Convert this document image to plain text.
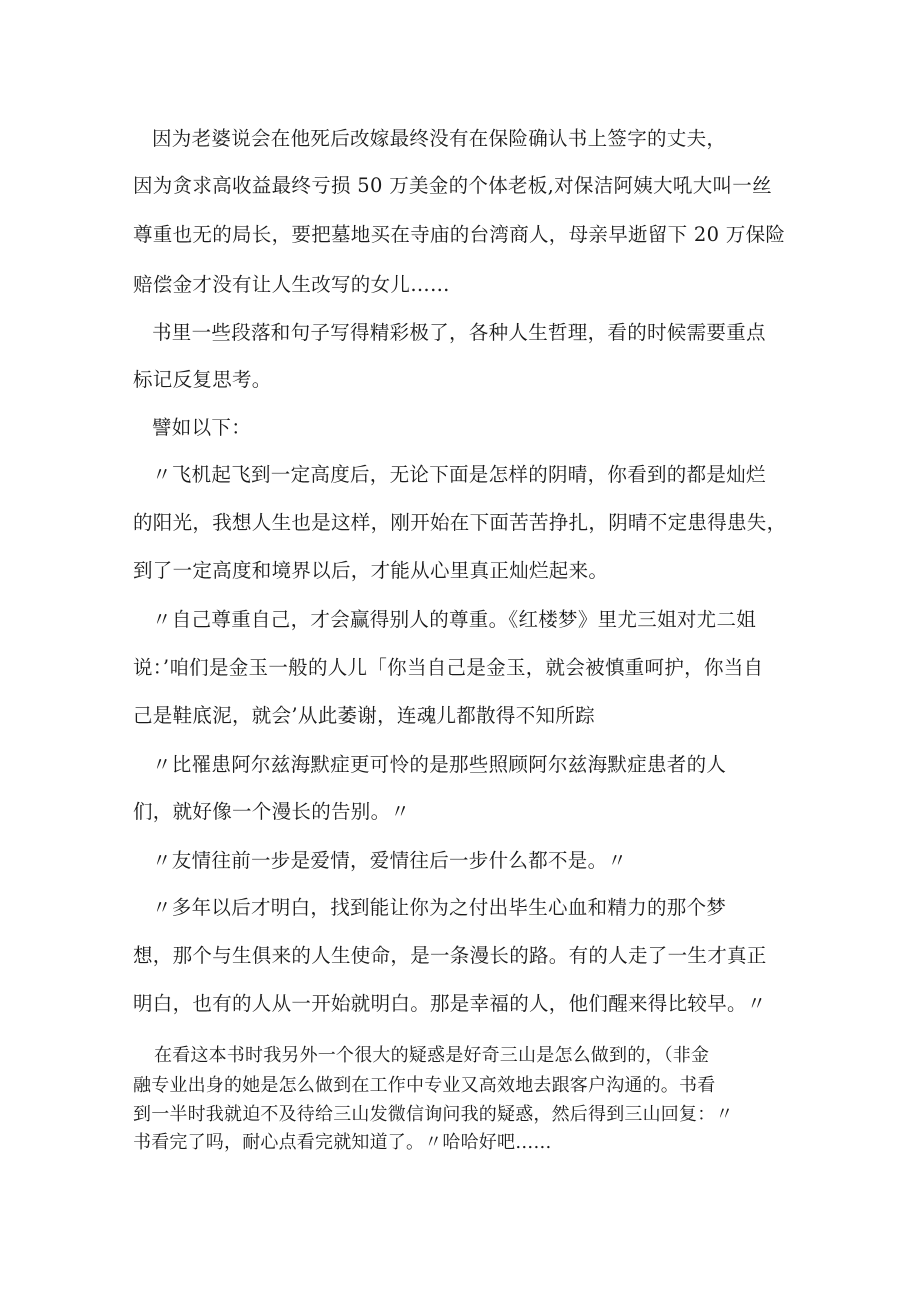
因为老婆说会在他死后改嫁最终没有在保险确认书上签字的丈夫，
因为贪求高收益最终亏损 50 万美金的个体老板,对保洁阿姨大吼大叫一丝
尊重也无的局长，要把墓地买在寺庙的台湾商人，母亲早逝留下 20 万保险
赔偿金才没有让人生改写的女儿……
书里一些段落和句子写得精彩极了，各种人生哲理，看的时候需要重点
标记反复思考。
譬如以下：
〃飞机起飞到一定高度后，无论下面是怎样的阴晴，你看到的都是灿烂
的阳光，我想人生也是这样，刚开始在下面苦苦挣扎，阴晴不定患得患失，
到了一定高度和境界以后，才能从心里真正灿烂起来。
〃自己尊重自己，才会赢得别人的尊重。《红楼梦》里尤三姐对尤二姐
说：’咱们是金玉一般的人儿「你当自己是金玉，就会被慎重呵护，你当自
己是鞋底泥，就会’从此萎谢，连魂儿都散得不知所踪
〃比罹患阿尔兹海默症更可怜的是那些照顾阿尔兹海默症患者的人
们，就好像一个漫长的告别。〃
〃友情往前一步是爱情，爱情往后一步什么都不是。〃
〃多年以后才明白，找到能让你为之付出毕生心血和精力的那个梦
想，那个与生俱来的人生使命，是一条漫长的路。有的人走了一生才真正
明白，也有的人从一开始就明白。那是幸福的人，他们醒来得比较早。〃
在看这本书时我另外一个很大的疑惑是好奇三山是怎么做到的，（非金
融专业出身的她是怎么做到在工作中专业又高效地去跟客户沟通的。书看
到一半时我就迫不及待给三山发微信询问我的疑惑，然后得到三山回复：〃
书看完了吗，耐心点看完就知道了。〃哈哈好吧……
